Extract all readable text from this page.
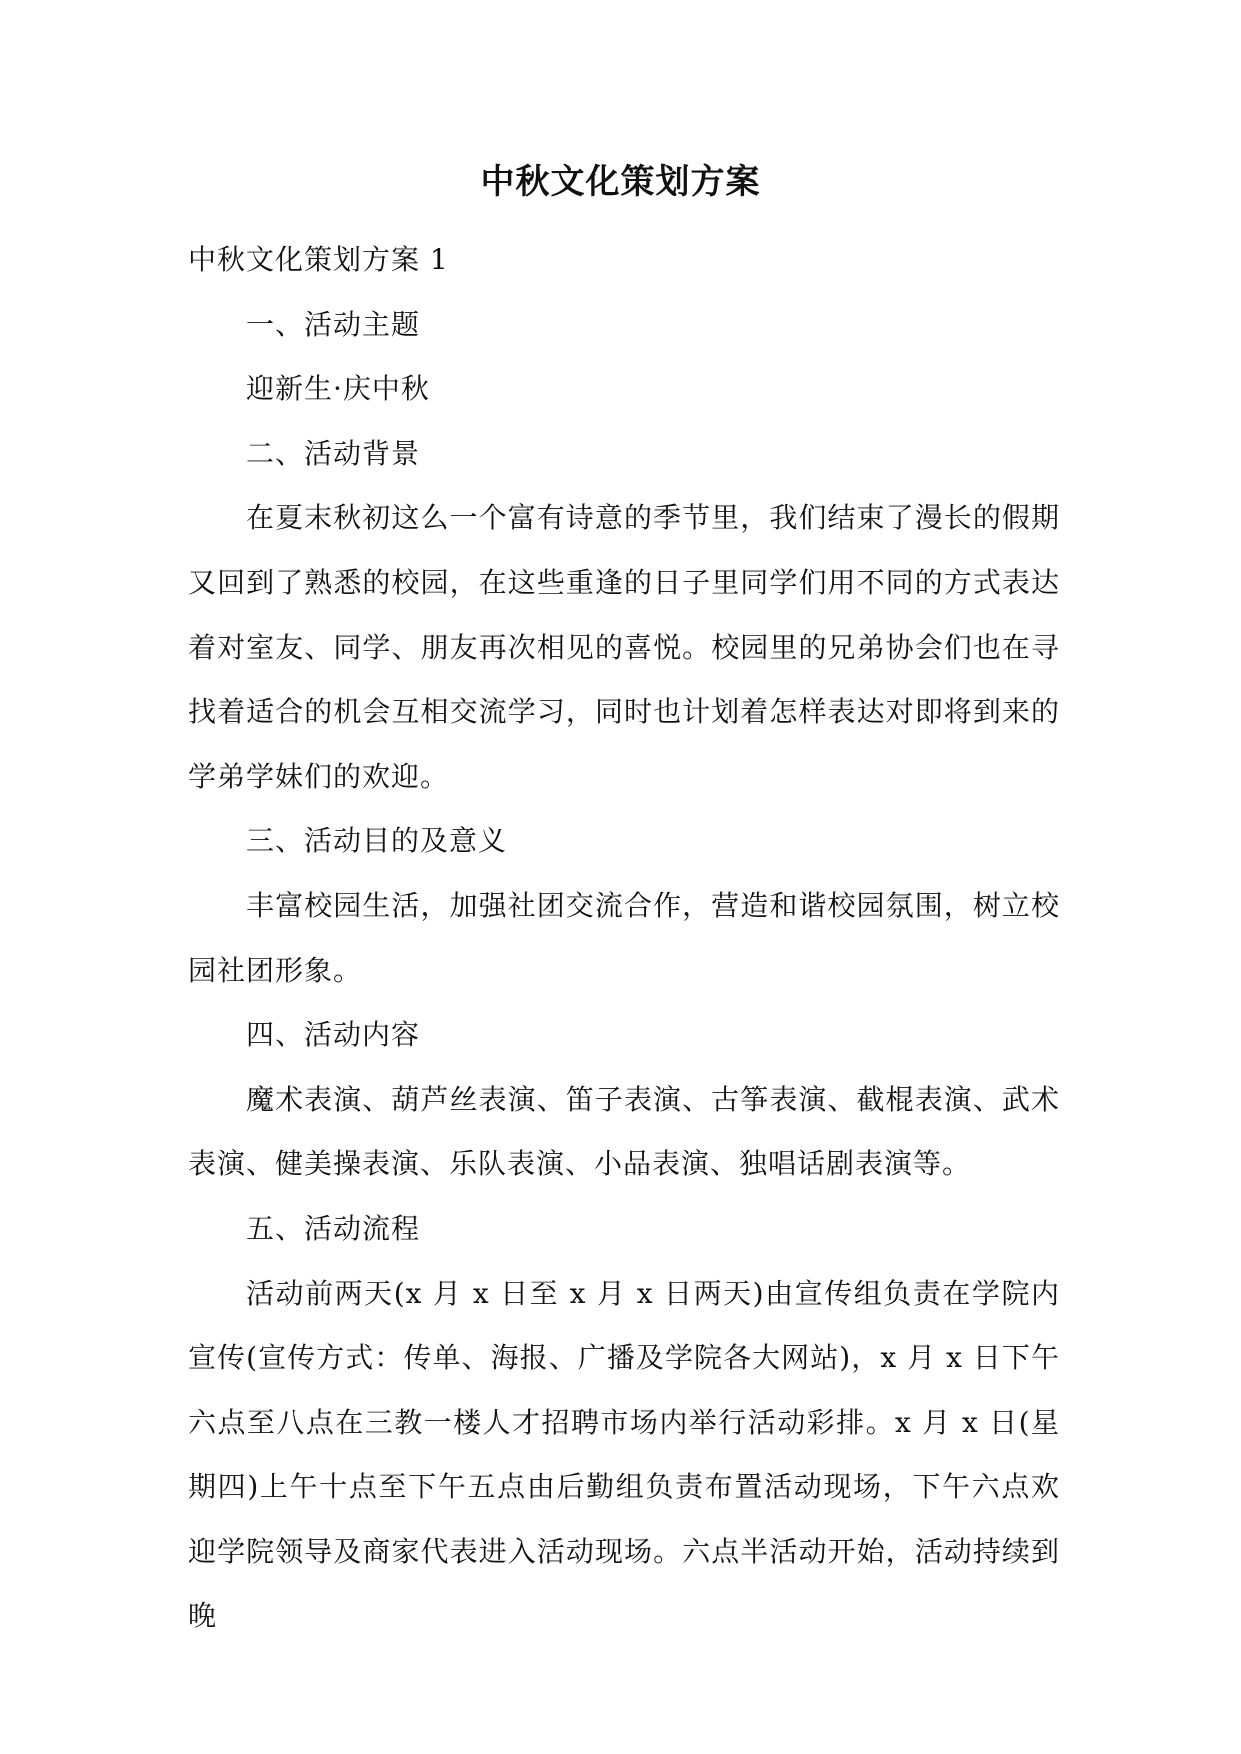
中秋文化策划方案

中秋文化策划方案 1

一、活动主题

迎新生·庆中秋

二、活动背景

在夏末秋初这么一个富有诗意的季节里，我们结束了漫长的假期又回到了熟悉的校园，在这些重逢的日子里同学们用不同的方式表达着对室友、同学、朋友再次相见的喜悦。校园里的兄弟协会们也在寻找着适合的机会互相交流学习，同时也计划着怎样表达对即将到来的学弟学妹们的欢迎。

三、活动目的及意义

丰富校园生活，加强社团交流合作，营造和谐校园氛围，树立校园社团形象。

四、活动内容

魔术表演、葫芦丝表演、笛子表演、古筝表演、截棍表演、武术表演、健美操表演、乐队表演、小品表演、独唱话剧表演等。

五、活动流程

活动前两天(x 月 x 日至 x 月 x 日两天)由宣传组负责在学院内宣传(宣传方式：传单、海报、广播及学院各大网站)，x 月 x 日下午六点至八点在三教一楼人才招聘市场内举行活动彩排。x 月 x 日(星期四)上午十点至下午五点由后勤组负责布置活动现场，下午六点欢迎学院领导及商家代表进入活动现场。六点半活动开始，活动持续到晚
